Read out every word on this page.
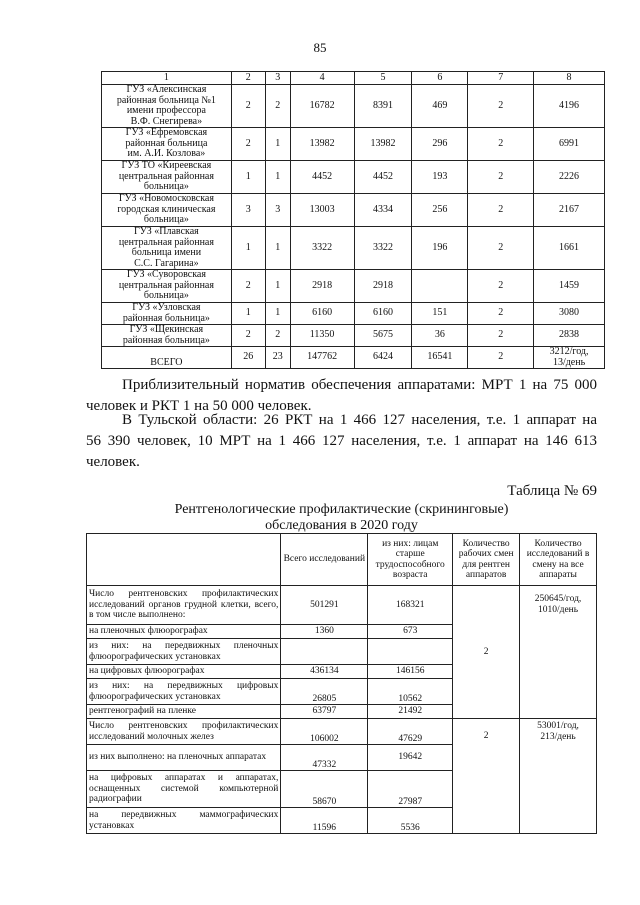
85
1	2	3	4	5	6	7	8
ГУЗ «Алексинская
районная больница №1
имени профессора
В.Ф. Снегирева»	2	2	16782	8391	469	2	4196
ГУЗ «Ефремовская
районная больница
им. А.И. Козлова»	2	1	13982	13982	296	2	6991
ГУЗ ТО «Киреевская
центральная районная
больница»	1	1	4452	4452	193	2	2226
ГУЗ «Новомосковская
городская клиническая
больница»	3	3	13003	4334	256	2	2167
ГУЗ «Плавская
центральная районная
больница имени
С.С. Гагарина»	1	1	3322	3322	196	2	1661
ГУЗ «Суворовская
центральная районная
больница»	2	1	2918	2918		2	1459
ГУЗ «Узловская
районная больница»	1	1	6160	6160	151	2	3080
ГУЗ «Щекинская
районная больница»	2	2	11350	5675	36	2	2838
ВСЕГО	26	23	147762	6424	16541	2	3212/год,
13/день
Приблизительный норматив обеспечения аппаратами: МРТ 1 на 75 000
человек и РКТ 1 на 50 000 человек.
В Тульской области: 26 РКТ на 1 466 127 населения, т.е. 1 аппарат на
56 390 человек, 10 МРТ на 1 466 127 населения, т.е. 1 аппарат на 146 613
человек.
Таблица № 69
Рентгенологические профилактические (скрининговые)
обследования в 2020 году
	Всего исследований	из них: лицам старше трудоспособного возраста	Количество рабочих смен для рентген аппаратов	Количество исследований в смену на все аппараты
Число рентгеновских профилактических исследований органов грудной клетки, всего, в том числе выполнено:	501291	168321	2	250645/год,
1010/день
на пленочных флюорографах	1360	673		
из них: на передвижных пленочных флюорографических установках				
на цифровых флюорографах	436134	146156		
из них: на передвижных цифровых флюорографических установках	26805	10562		
рентгенографий на пленке	63797	21492		
Число рентгеновских профилактических исследований молочных желез	106002	47629	2	53001/год,
213/день
из них выполнено: на пленочных аппаратах	47332	19642		
на цифровых аппаратах и аппаратах, оснащенных системой компьютерной радиографии	58670	27987		
на передвижных маммографических установках	11596	5536		
